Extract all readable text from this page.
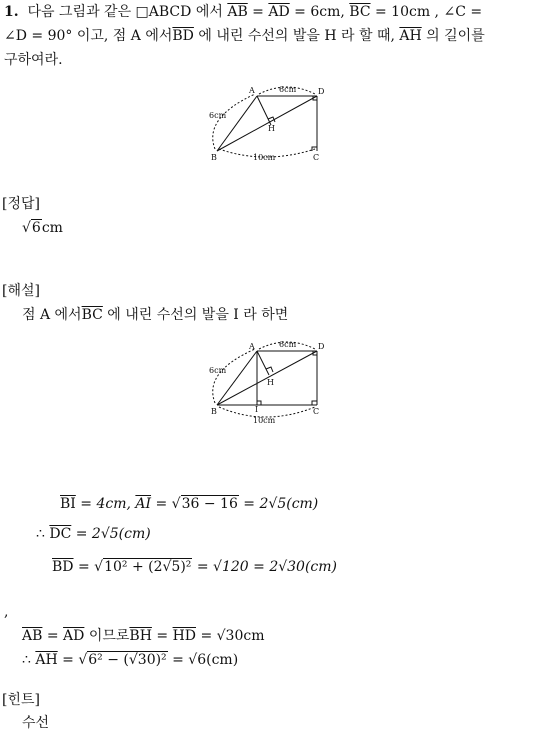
1. 다음 그림과 같은 □ABCD 에서 $\overline{AB} = \overline{AD} = 6cm$, $\overline{BC} = 10cm$ , ∠C =
∠D = 90° 이고, 점 A 에서$\overline{BD}$ 에 내린 수선의 발을 H 라 할 때, $\overline{AH}$ 의 길이를
구하여라.
A	D
B	C
H
6cm
6cm
10cm
[정답]
√6cm
[해설]
점 A 에서$\overline{BC}$ 에 내린 수선의 발을 I 라 하면
A	D
B	C
H
I
6cm
6cm
10cm
$\overline{BI} = 4cm$, $\overline{AI} = √36 - 16 = 2√5(cm)$
∴ $\overline{DC} = 2√5(cm)$
$\overline{BD} = √10^2 + (2√5)^2 = √120 = 2√30(cm)$
,
$\overline{AB} = \overline{AD}$ 이므로$\overline{BH} = \overline{HD} = √30cm$
∴ $\overline{AH} = √6^2 - (√30)^2 = √6(cm)$
[힌트]
수선
